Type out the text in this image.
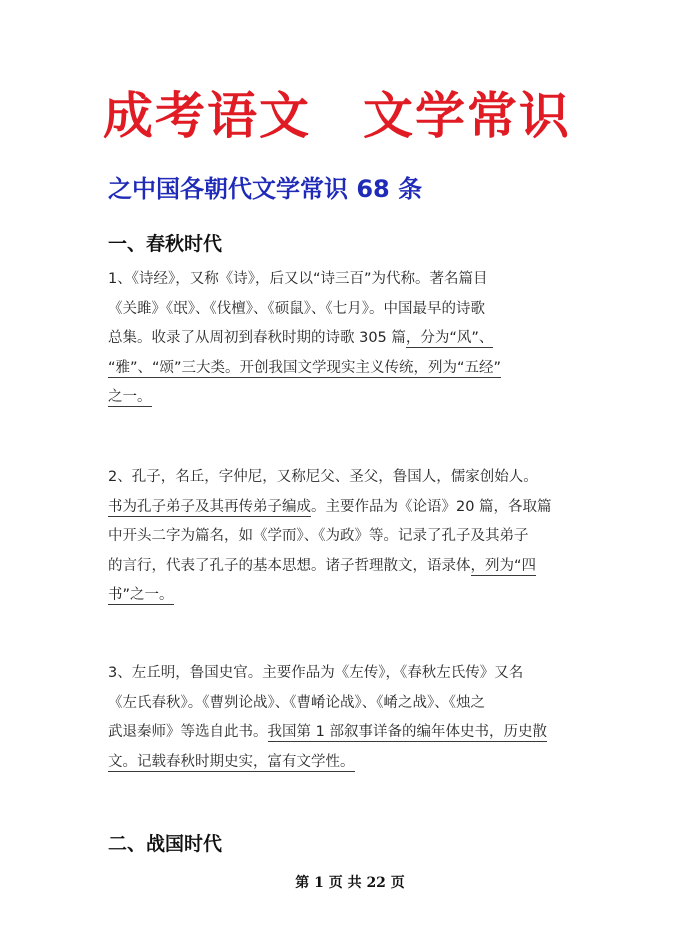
成考语文　文学常识
之中国各朝代文学常识 68 条
一、春秋时代
1、《诗经》，又称《诗》，后又以“诗三百”为代称。著名篇目
《关雎》《氓》、《伐檀》、《硕鼠》、《七月》。中国最早的诗歌
总集。收录了从周初到春秋时期的诗歌 305 篇，分为“风”、
“雅”、“颂”三大类。开创我国文学现实主义传统，列为“五经”
之一。
2、孔子，名丘，字仲尼，又称尼父、圣父，鲁国人，儒家创始人。
书为孔子弟子及其再传弟子编成。主要作品为《论语》20 篇，各取篇
中开头二字为篇名，如《学而》、《为政》等。记录了孔子及其弟子
的言行，代表了孔子的基本思想。诸子哲理散文，语录体，列为“四
书”之一。
3、左丘明，鲁国史官。主要作品为《左传》，《春秋左氏传》又名
《左氏春秋》。《曹刿论战》、《曹崤论战》、《崤之战》、《烛之
武退秦师》等选自此书。我国第 1 部叙事详备的编年体史书，历史散
文。记载春秋时期史实，富有文学性。
二、战国时代
第 1 页 共 22 页
